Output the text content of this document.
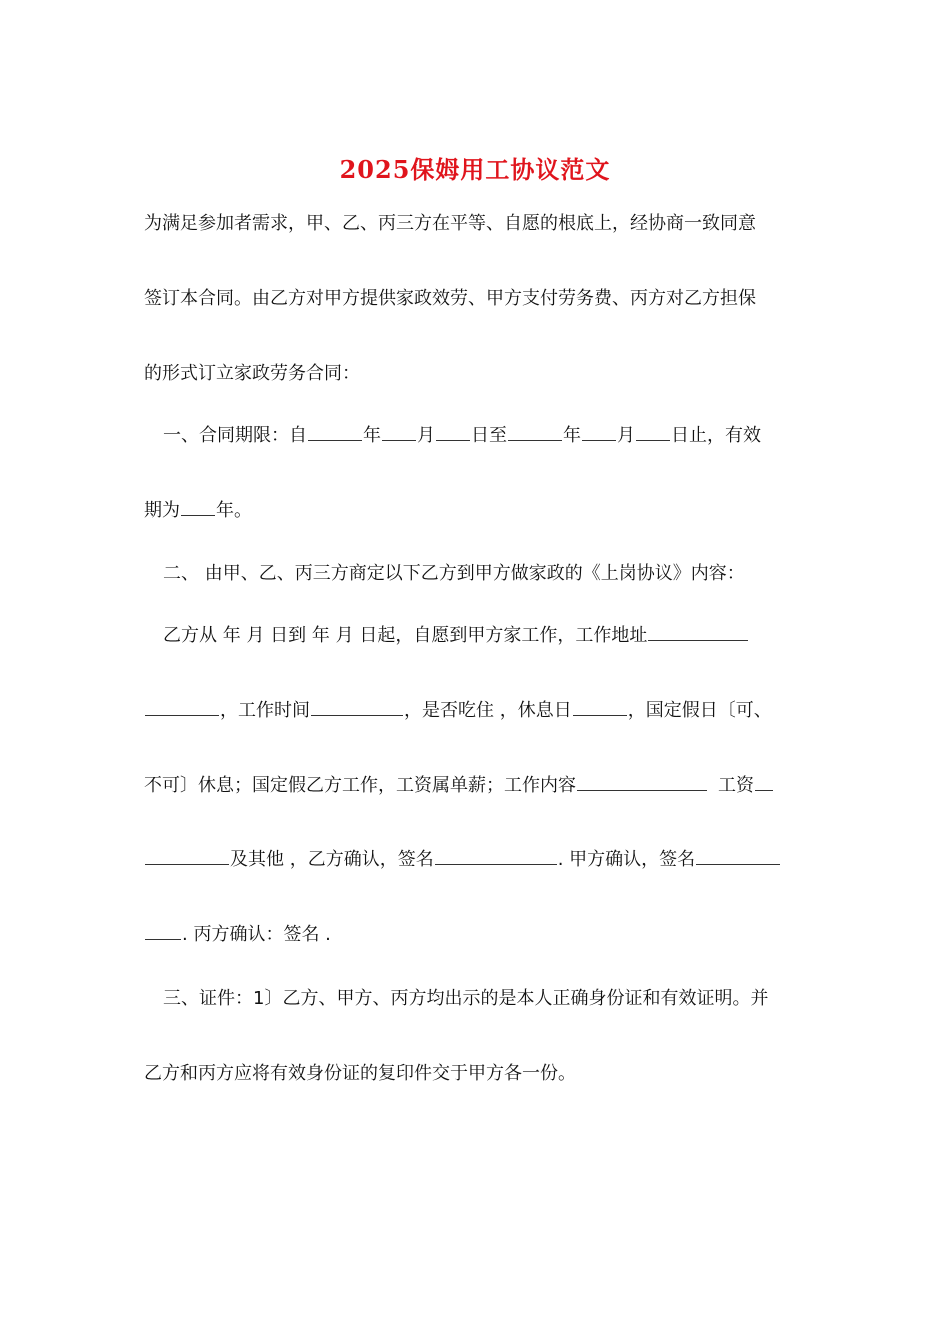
2025保姆用工协议范文
为满足参加者需求，甲、乙、丙三方在平等、自愿的根底上，经协商一致同意
签订本合同。由乙方对甲方提供家政效劳、甲方支付劳务费、丙方对乙方担保
的形式订立家政劳务合同：
一、合同期限：自	年 月 日至	年 月 日止，有效
期为 年。
二、 由甲、乙、丙三方商定以下乙方到甲方做家政的《上岗协议》内容：
乙方从 年 月 日到 年 月 日起，自愿到甲方家工作，工作地址
，工作时间	，是否吃住 ，休息日	，国定假日〔可、
不可〕休息；国定假乙方工作，工资属单薪；工作内容	工资
及其他 ，乙方确认，签名	. 甲方确认，签名
. 丙方确认：签名 .
三、证件：1〕乙方、甲方、丙方均出示的是本人正确身份证和有效证明。并
乙方和丙方应将有效身份证的复印件交于甲方各一份。
